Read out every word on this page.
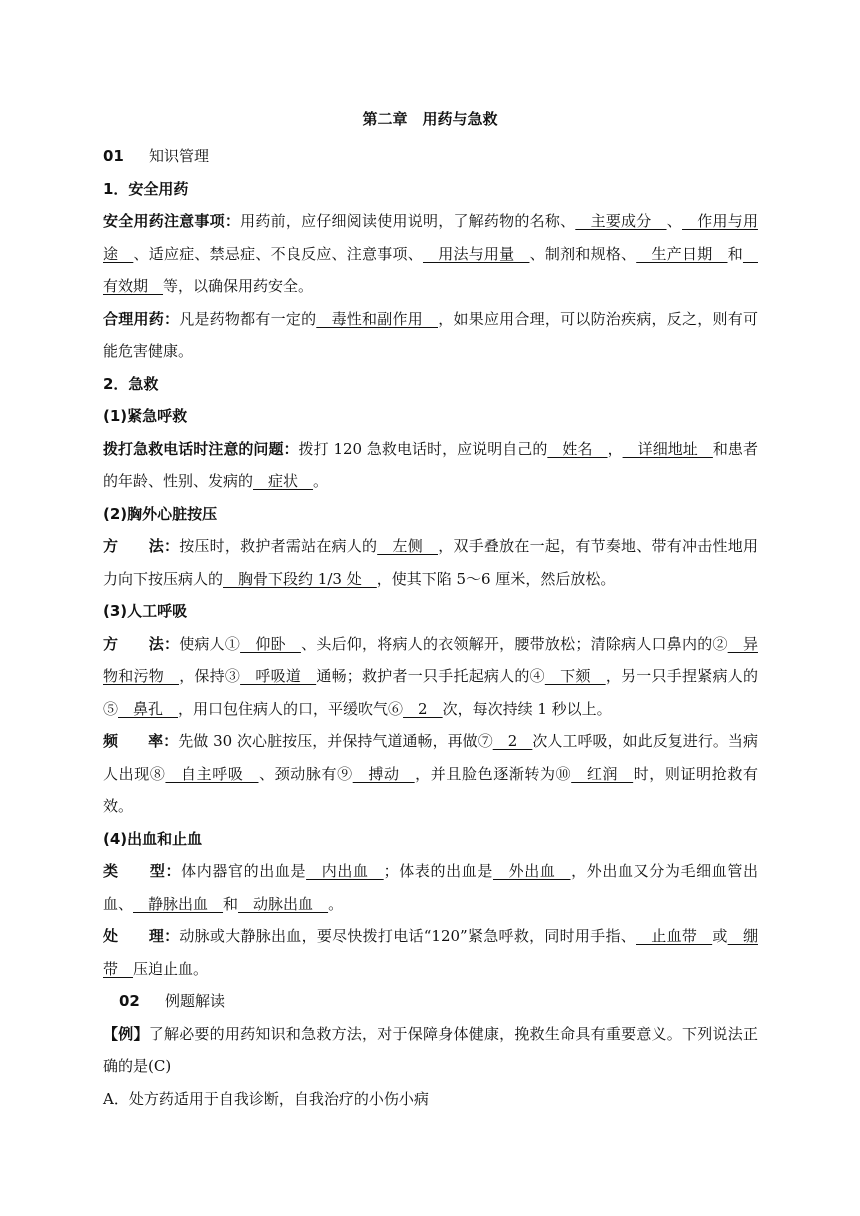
第二章　用药与急救

01 知识管理

1．安全用药

安全用药注意事项：用药前，应仔细阅读使用说明，了解药物的名称、__主要成分__、__作用与用途__、适应症、禁忌症、不良反应、注意事项、__用法与用量__、制剂和规格、__生产日期__和__有效期__等，以确保用药安全。

合理用药：凡是药物都有一定的__毒性和副作用__，如果应用合理，可以防治疾病，反之，则有可能危害健康。

2．急救

(1)紧急呼救

拨打急救电话时注意的问题：拨打 120 急救电话时，应说明自己的__姓名__，__详细地址__和患者的年龄、性别、发病的__症状__。

(2)胸外心脏按压

方　　法：按压时，救护者需站在病人的__左侧__，双手叠放在一起，有节奏地、带有冲击性地用力向下按压病人的__胸骨下段约 1/3 处__，使其下陷 5～6 厘米，然后放松。

(3)人工呼吸

方　　法：使病人①__仰卧__、头后仰，将病人的衣领解开，腰带放松；清除病人口鼻内的②__异物和污物__，保持③__呼吸道__通畅；救护者一只手托起病人的④__下颏__，另一只手捏紧病人的⑤__鼻孔__，用口包住病人的口，平缓吹气⑥__2__次，每次持续 1 秒以上。

频　　率：先做 30 次心脏按压，并保持气道通畅，再做⑦__2__次人工呼吸，如此反复进行。当病人出现⑧__自主呼吸__、颈动脉有⑨__搏动__，并且脸色逐渐转为⑩__红润__时，则证明抢救有效。

(4)出血和止血

类　　型：体内器官的出血是__内出血__；体表的出血是__外出血__，外出血又分为毛细血管出血、__静脉出血__和__动脉出血__。

处　　理：动脉或大静脉出血，要尽快拨打电话“120”紧急呼救，同时用手指、__止血带__或__绷带__压迫止血。

02 例题解读

【例】了解必要的用药知识和急救方法，对于保障身体健康，挽救生命具有重要意义。下列说法正确的是(C)

A．处方药适用于自我诊断，自我治疗的小伤小病
